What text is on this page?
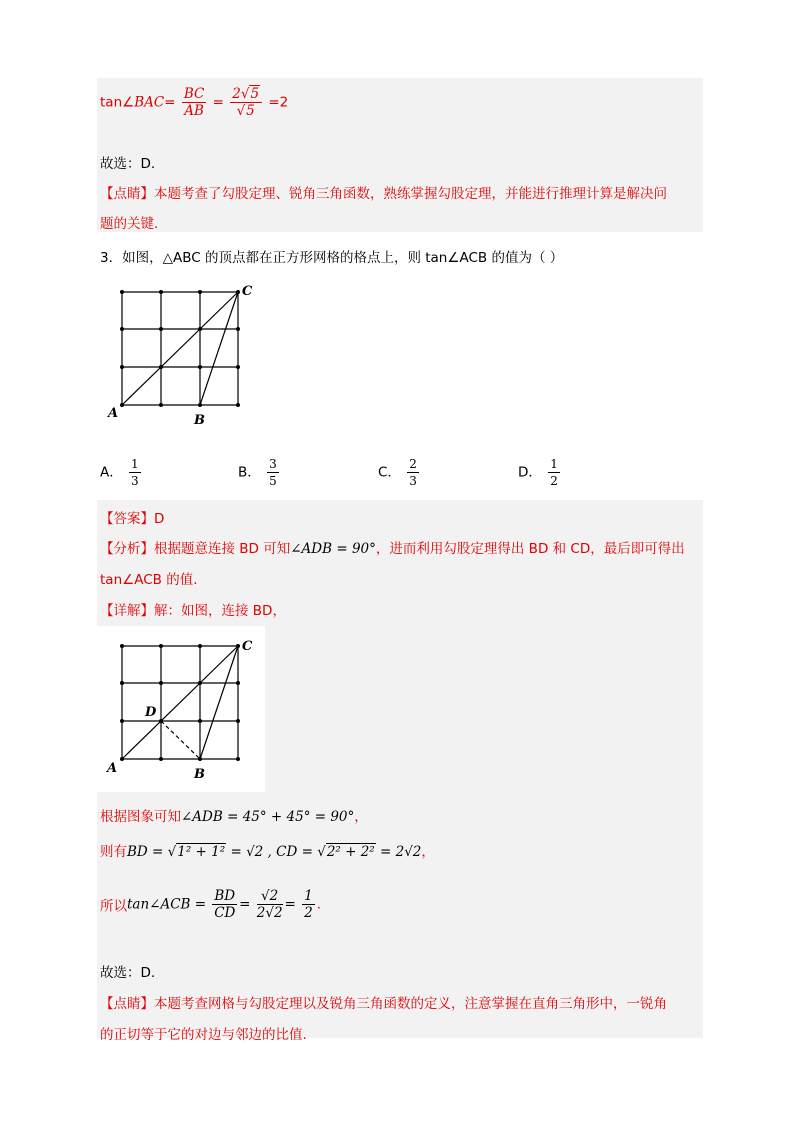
tan∠BAC= $\frac{BC}{AB} = \frac{2√5}{√5} =2$
故选：D.
【点睛】本题考查了勾股定理、锐角三角函数，熟练掌握勾股定理，并能进行推理计算是解决问
题的关键.
3．如图，△ABC 的顶点都在正方形网格的格点上，则 tan∠ACB 的值为（ ）
A	B
C
A． $\frac{1}{3}$	B． $\frac{3}{5}$	C． $\frac{2}{3}$	D． $\frac{1}{2}$
【答案】D
【分析】根据题意连接 BD 可知∠ADB = 90°，进而利用勾股定理得出 BD 和 CD，最后即可得出
tan∠ACB 的值.
【详解】解：如图，连接 BD，
A	B
C
D
根据图象可知∠ADB = 45° + 45° = 90°，
则有BD = √1² + 1² = √2 , CD = √2² + 2² = 2√2，
所以tan∠ACB = $\frac{BD}{CD} = \frac{√2}{2√2} = \frac{1}{2}$ .
故选：D.
【点睛】本题考查网格与勾股定理以及锐角三角函数的定义，注意掌握在直角三角形中，一锐角
的正切等于它的对边与邻边的比值.
